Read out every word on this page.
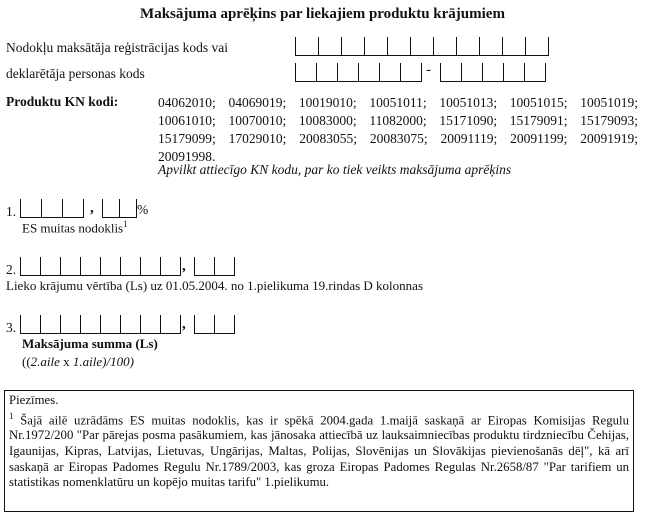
Maksājuma aprēķins par liekajiem produktu krājumiem
Nodokļu maksātāja reģistrācijas kods vai
deklarētāja personas kods	-
Produktu KN kodi:	04062010; 04069019; 10019010; 10051011; 10051013; 10051015; 10051019; 10061010; 10070010; 10083000; 11082000; 15171090; 15179091; 15179093; 15179099; 17029010; 20083055; 20083075; 20091119; 20091199; 20091919; 20091998.
Apvilkt attiecīgo KN kodu, par ko tiek veikts maksājuma aprēķins
1.	,	%
ES muitas nodoklis$^1$
2.	,
Lieko krājumu vērtība (Ls) uz 01.05.2004. no 1.pielikuma 19.rindas D kolonnas
3.	,
Maksājuma summa (Ls)
((2.aile x 1.aile)/100)

Piezīmes.

$^1$ Šajā ailē uzrādāms ES muitas nodoklis, kas ir spēkā 2004.gada 1.maijā saskaņā ar Eiropas Komisijas Regulu Nr.1972/200 "Par pārejas posma pasākumiem, kas jānosaka attiecībā uz lauksaimniecības produktu tirdzniecību Čehijas, Igaunijas, Kipras, Latvijas, Lietuvas, Ungārijas, Maltas, Polijas, Slovēnijas un Slovākijas pievienošanās dēļ", kā arī saskaņā ar Eiropas Padomes Regulu Nr.1789/2003, kas groza Eiropas Padomes Regulas Nr.2658/87 "Par tarifiem un statistikas nomenklatūru un kopējo muitas tarifu" 1.pielikumu.
